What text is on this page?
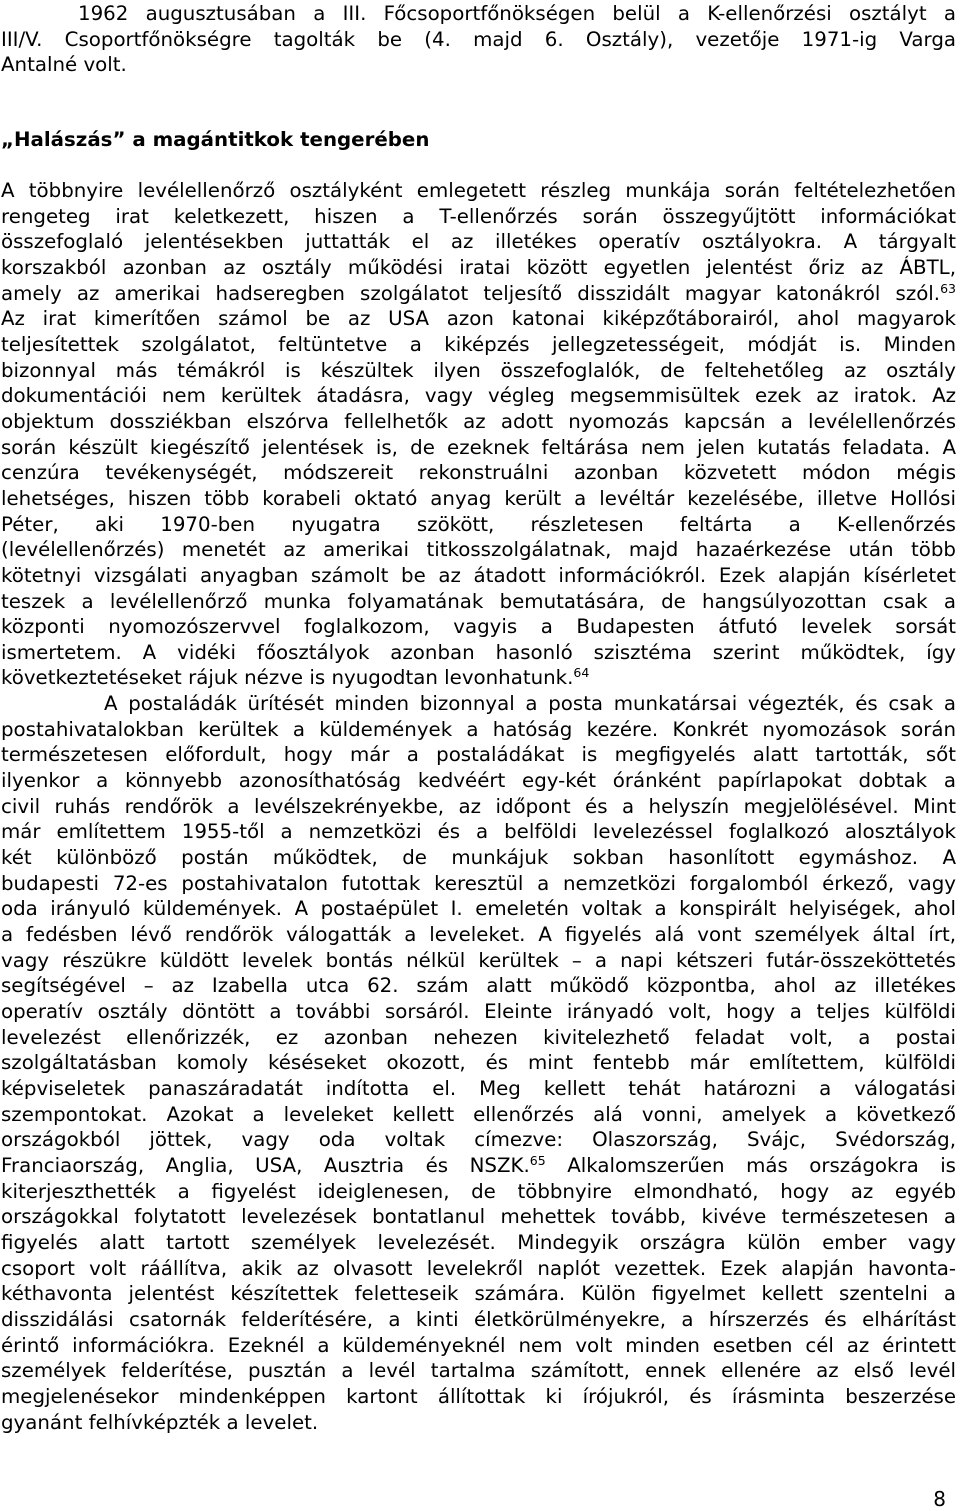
1962 augusztusában a III. Főcsoportfőnökségen belül a K-ellenőrzési osztályt a
III/V. Csoportfőnökségre tagolták be (4. majd 6. Osztály), vezetője 1971-ig Varga
Antalné volt.
„Halászás” a magántitkok tengerében
A többnyire levélellenőrző osztályként emlegetett részleg munkája során feltételezhetően
rengeteg irat keletkezett, hiszen a T-ellenőrzés során összegyűjtött információkat
összefoglaló jelentésekben juttatták el az illetékes operatív osztályokra. A tárgyalt
korszakból azonban az osztály működési iratai között egyetlen jelentést őriz az ÁBTL,
amely az amerikai hadseregben szolgálatot teljesítő disszidált magyar katonákról szól.$^{63}$
Az irat kimerítően számol be az USA azon katonai kiképzőtáborairól, ahol magyarok
teljesítettek szolgálatot, feltüntetve a kiképzés jellegzetességeit, módját is. Minden
bizonnyal más témákról is készültek ilyen összefoglalók, de feltehetőleg az osztály
dokumentációi nem kerültek átadásra, vagy végleg megsemmisültek ezek az iratok. Az
objektum dossziékban elszórva fellelhetők az adott nyomozás kapcsán a levélellenőrzés
során készült kiegészítő jelentések is, de ezeknek feltárása nem jelen kutatás feladata. A
cenzúra tevékenységét, módszereit rekonstruálni azonban közvetett módon mégis
lehetséges, hiszen több korabeli oktató anyag került a levéltár kezelésébe, illetve Hollósi
Péter, aki 1970-ben nyugatra szökött, részletesen feltárta a K-ellenőrzés
(levélellenőrzés) menetét az amerikai titkosszolgálatnak, majd hazaérkezése után több
kötetnyi vizsgálati anyagban számolt be az átadott információkról. Ezek alapján kísérletet
teszek a levélellenőrző munka folyamatának bemutatására, de hangsúlyozottan csak a
központi nyomozószervvel foglalkozom, vagyis a Budapesten átfutó levelek sorsát
ismertetem. A vidéki főosztályok azonban hasonló szisztéma szerint működtek, így
következtetéseket rájuk nézve is nyugodtan levonhatunk.$^{64}$
A postaládák ürítését minden bizonnyal a posta munkatársai végezték, és csak a
postahivatalokban kerültek a küldemények a hatóság kezére. Konkrét nyomozások során
természetesen előfordult, hogy már a postaládákat is megfigyelés alatt tartották, sőt
ilyenkor a könnyebb azonosíthatóság kedvéért egy-két óránként papírlapokat dobtak a
civil ruhás rendőrök a levélszekrényekbe, az időpont és a helyszín megjelölésével. Mint
már említettem 1955-től a nemzetközi és a belföldi levelezéssel foglalkozó alosztályok
két különböző postán működtek, de munkájuk sokban hasonlított egymáshoz. A
budapesti 72-es postahivatalon futottak keresztül a nemzetközi forgalomból érkező, vagy
oda irányuló küldemények. A postaépület I. emeletén voltak a konspirált helyiségek, ahol
a fedésben lévő rendőrök válogatták a leveleket. A figyelés alá vont személyek által írt,
vagy részükre küldött levelek bontás nélkül kerültek – a napi kétszeri futár-összeköttetés
segítségével – az Izabella utca 62. szám alatt működő központba, ahol az illetékes
operatív osztály döntött a további sorsáról. Eleinte irányadó volt, hogy a teljes külföldi
levelezést ellenőrizzék, ez azonban nehezen kivitelezhető feladat volt, a postai
szolgáltatásban komoly késéseket okozott, és mint fentebb már említettem, külföldi
képviseletek panaszáradatát indította el. Meg kellett tehát határozni a válogatási
szempontokat. Azokat a leveleket kellett ellenőrzés alá vonni, amelyek a következő
országokból jöttek, vagy oda voltak címezve: Olaszország, Svájc, Svédország,
Franciaország, Anglia, USA, Ausztria és NSZK.$^{65}$ Alkalomszerűen más országokra is
kiterjeszthették a figyelést ideiglenesen, de többnyire elmondható, hogy az egyéb
országokkal folytatott levelezések bontatlanul mehettek tovább, kivéve természetesen a
figyelés alatt tartott személyek levelezését. Mindegyik országra külön ember vagy
csoport volt ráállítva, akik az olvasott levelekről naplót vezettek. Ezek alapján havonta-
kéthavonta jelentést készítettek feletteseik számára. Külön figyelmet kellett szentelni a
disszidálási csatornák felderítésére, a kinti életkörülményekre, a hírszerzés és elhárítást
érintő információkra. Ezeknél a küldeményeknél nem volt minden esetben cél az érintett
személyek felderítése, pusztán a levél tartalma számított, ennek ellenére az első levél
megjelenésekor mindenképpen kartont állítottak ki írójukról, és írásminta beszerzése
gyanánt felhívképzték a levelet.
8
